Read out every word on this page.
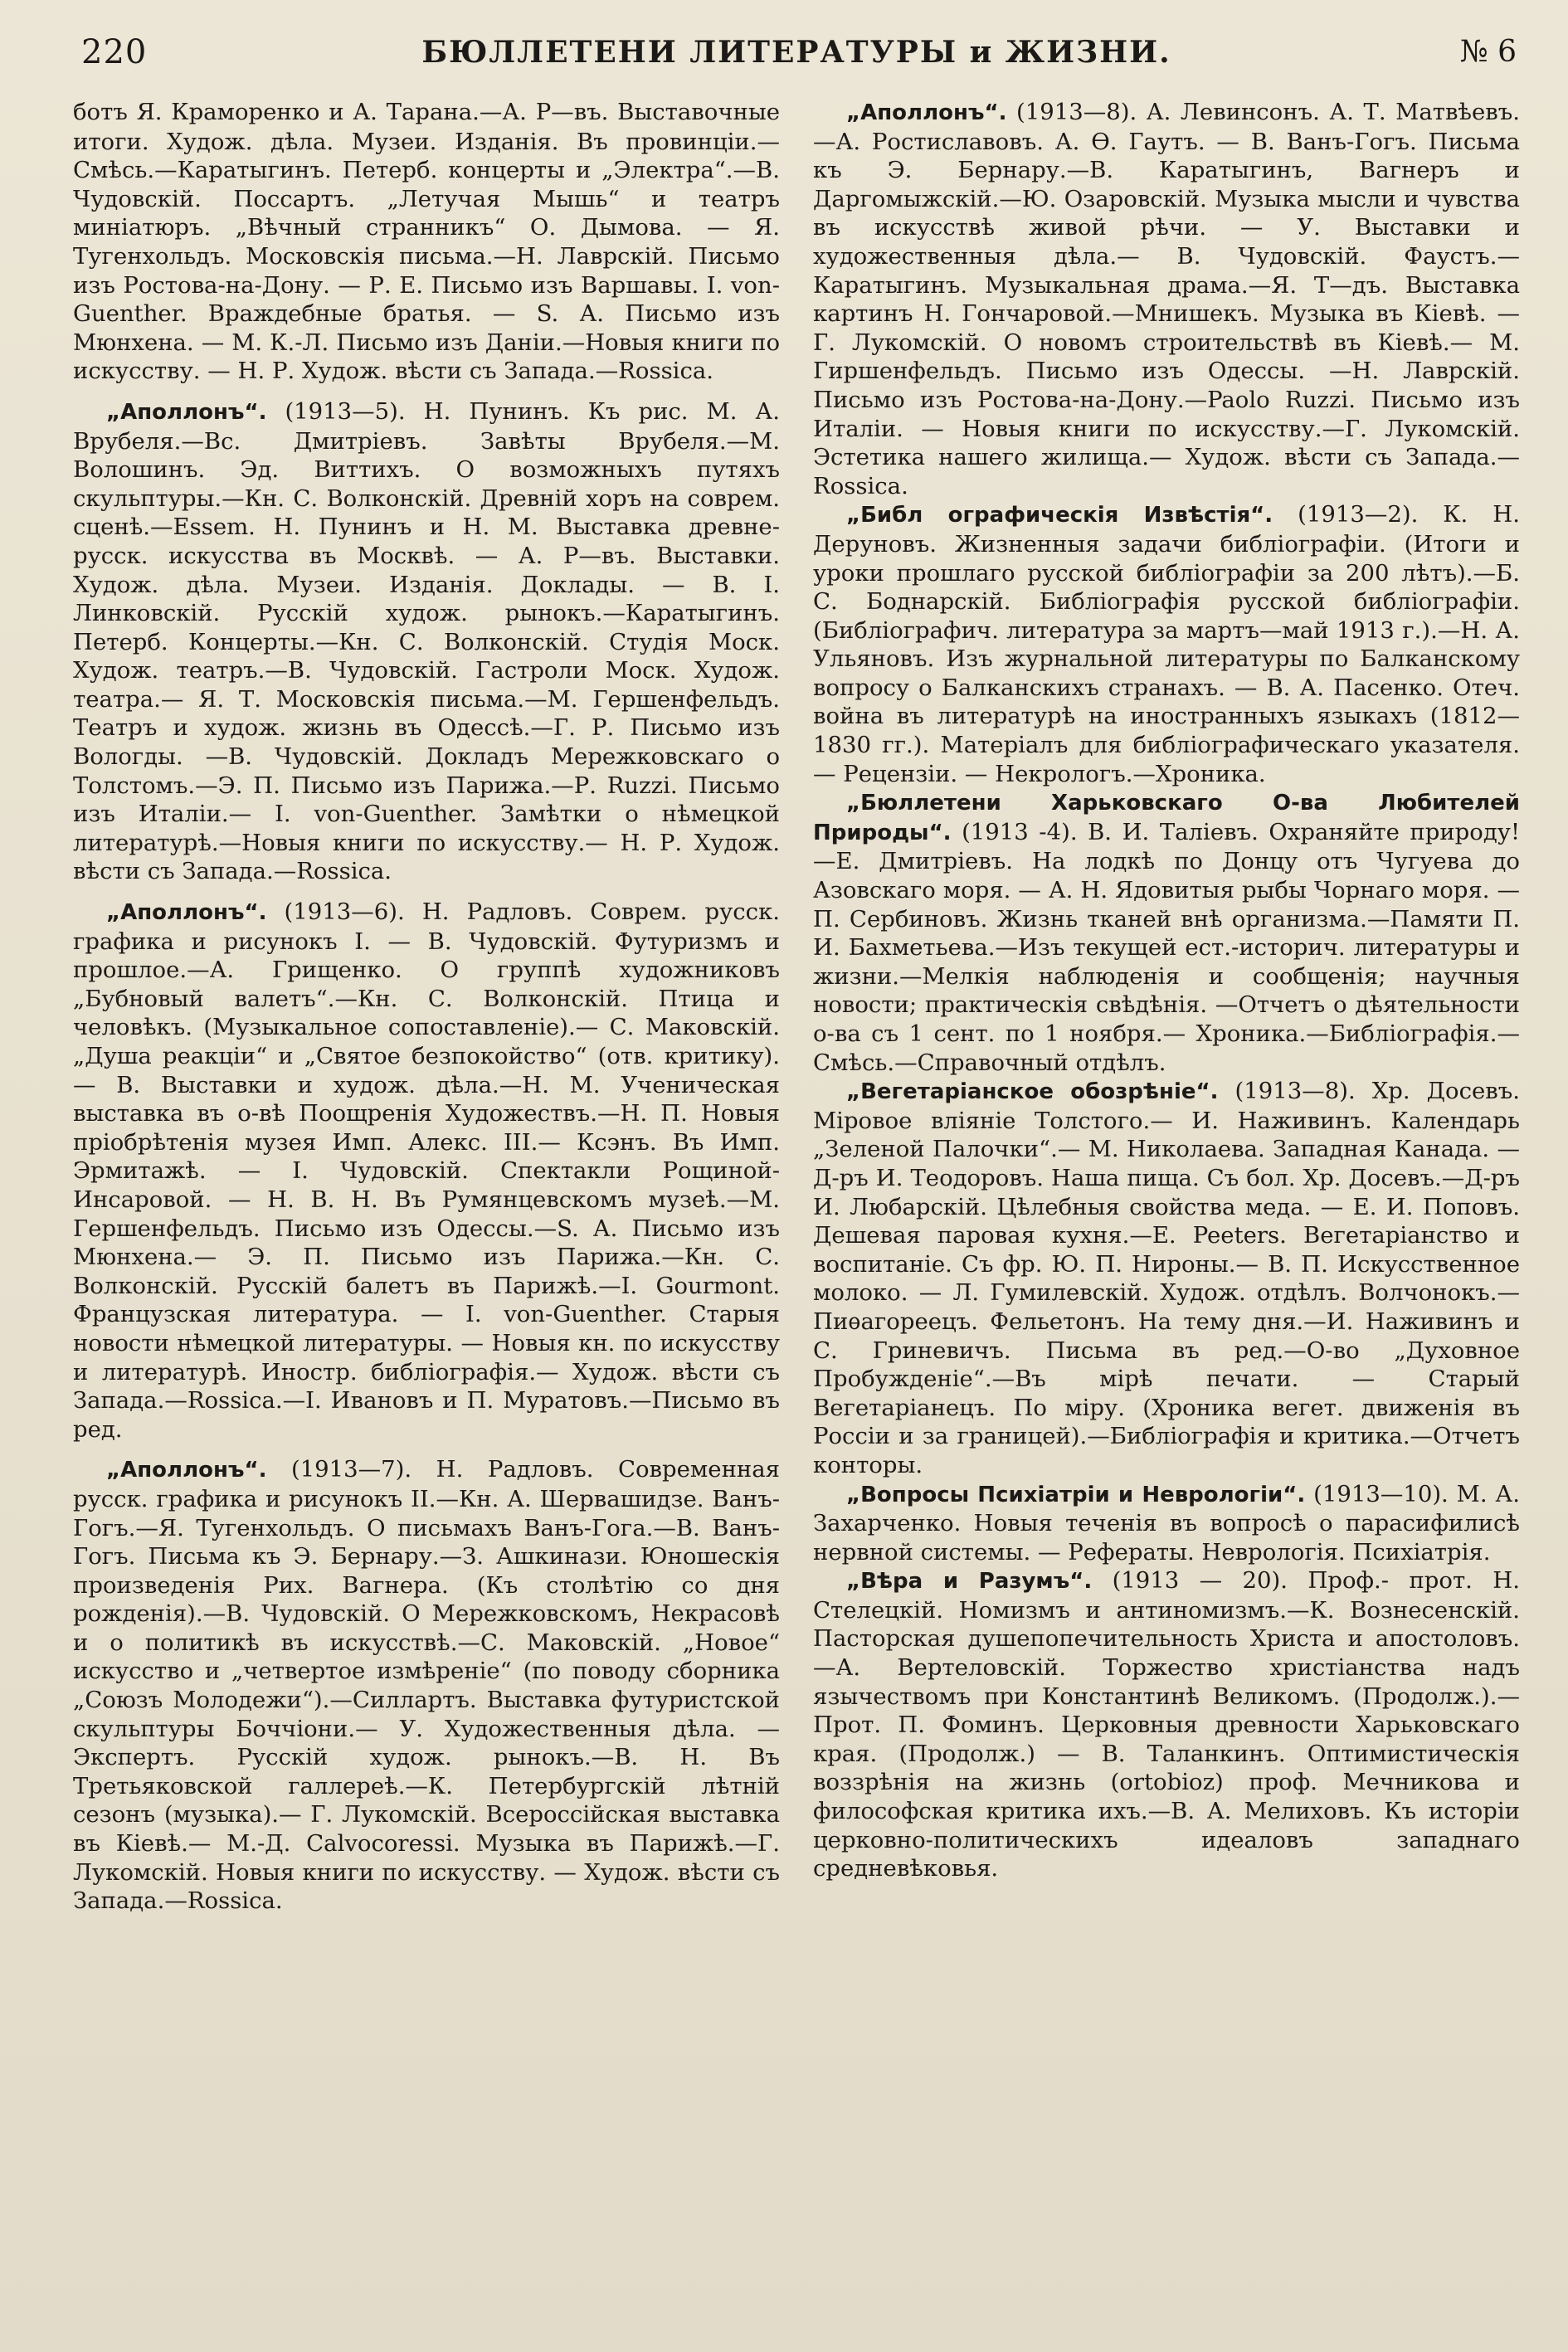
220	БЮЛЛЕТЕНИ ЛИТЕРАТУРЫ и ЖИЗНИ.	№ 6

ботъ Я. Краморенко и А. Тарана.—А. Р—въ. Выставочные итоги. Худож. дѣла. Музеи. Изданія. Въ провинціи.—Смѣсь.—Каратыгинъ. Петерб. концерты и „Электра“.—В. Чудовскій. Поссартъ. „Летучая Мышь“ и театръ миніатюръ. „Вѣчный странникъ“ О. Дымова. — Я. Тугенхольдъ. Московскія письма.—Н. Лаврскій. Письмо изъ Ростова-на-Дону. — Р. Е. Письмо изъ Варшавы. I. von-Guenther. Враждебные братья. — S. А. Письмо изъ Мюнхена. — М. К.-Л. Письмо изъ Даніи.—Новыя книги по искусству. — Н. Р. Худож. вѣсти съ Запада.—Rossica.

„Аполлонъ“. (1913—5). Н. Пунинъ. Къ рис. М. А. Врубеля.—Вс. Дмитріевъ. Завѣты Врубеля.—М. Волошинъ. Эд. Виттихъ. О возможныхъ путяхъ скульптуры.—Кн. С. Волконскій. Древній хоръ на соврем. сценѣ.—Essem. Н. Пунинъ и Н. М. Выставка древне-русск. искусства въ Москвѣ. — А. Р—въ. Выставки. Худож. дѣла. Музеи. Изданія. Доклады. — В. I. Линковскій. Русскій худож. рынокъ.—Каратыгинъ. Петерб. Концерты.—Кн. С. Волконскій. Студія Моск. Худож. театръ.—В. Чудовскій. Гастроли Моск. Худож. театра.— Я. Т. Московскія письма.—М. Гершенфельдъ. Театръ и худож. жизнь въ Одессѣ.—Г. Р. Письмо изъ Вологды. —В. Чудовскій. Докладъ Мережковскаго о Толстомъ.—Э. П. Письмо изъ Парижа.—Р. Ruzzi. Письмо изъ Италіи.— I. von-Guenther. Замѣтки о нѣмецкой литературѣ.—Новыя книги по искусству.— Н. Р. Худож. вѣсти съ Запада.—Rossica.

„Аполлонъ“. (1913—6). Н. Радловъ. Соврем. русск. графика и рисунокъ I. — В. Чудовскій. Футуризмъ и прошлое.—А. Грищенко. О группѣ художниковъ „Бубновый валетъ“.—Кн. С. Волконскій. Птица и человѣкъ. (Музыкальное сопоставленіе).— С. Маковскій. „Душа реакціи“ и „Святое безпокойство“ (отв. критику). — В. Выставки и худож. дѣла.—Н. М. Ученическая выставка въ о-вѣ Поощренія Художествъ.—Н. П. Новыя пріобрѣтенія музея Имп. Алекс. III.— Ксэнъ. Въ Имп. Эрмитажѣ. — I. Чудовскій. Спектакли Рощиной-Инсаровой. — Н. В. Н. Въ Румянцевскомъ музеѣ.—М. Гершенфельдъ. Письмо изъ Одессы.—S. А. Письмо изъ Мюнхена.— Э. П. Письмо изъ Парижа.—Кн. С. Волконскій. Русскій балетъ въ Парижѣ.—I. Gourmont. Французская литература. — I. von-Guenther. Старыя новости нѣмецкой литературы. — Новыя кн. по искусству и литературѣ. Иностр. библіографія.— Худож. вѣсти съ Запада.—Rossica.—I. Ивановъ и П. Муратовъ.—Письмо въ ред.

„Аполлонъ“. (1913—7). Н. Радловъ. Современная русск. графика и рисунокъ II.—Кн. А. Шервашидзе. Ванъ-Гогъ.—Я. Тугенхольдъ. О письмахъ Ванъ-Гога.—В. Ванъ-Гогъ. Письма къ Э. Бернару.—З. Ашкинази. Юношескія произведенія Рих. Вагнера. (Къ столѣтію со дня рожденія).—В. Чудовскій. О Мережковскомъ, Некрасовѣ и о политикѣ въ искусствѣ.—С. Маковскій. „Новое“ искусство и „четвертое измѣреніе“ (по поводу сборника „Союзъ Молодежи“).—Силлартъ. Выставка футуристской скульптуры Боччіони.— У. Художественныя дѣла. — Экспертъ. Русскій худож. рынокъ.—В. Н. Въ Третьяковской галлереѣ.—К. Петербургскій лѣтній сезонъ (музыка).— Г. Лукомскій. Всероссійская выставка въ Кіевѣ.— М.-Д. Calvocoressi. Музыка въ Парижѣ.—Г. Лукомскій. Новыя книги по искусству. — Худож. вѣсти съ Запада.—Rossica.

„Аполлонъ“. (1913—8). А. Левинсонъ. А. Т. Матвѣевъ.—А. Ростиславовъ. А. Ѳ. Гаутъ. — В. Ванъ-Гогъ. Письма къ Э. Бернару.—В. Каратыгинъ, Вагнеръ и Даргомыжскій.—Ю. Озаровскій. Музыка мысли и чувства въ искусствѣ живой рѣчи. — У. Выставки и художественныя дѣла.— В. Чудовскій. Фаустъ.—Каратыгинъ. Музыкальная драма.—Я. Т—дъ. Выставка картинъ Н. Гончаровой.—Мнишекъ. Музыка въ Кіевѣ. — Г. Лукомскій. О новомъ строительствѣ въ Кіевѣ.— М. Гиршенфельдъ. Письмо изъ Одессы. —Н. Лаврскій. Письмо изъ Ростова-на-Дону.—Paolo Ruzzi. Письмо изъ Италіи. — Новыя книги по искусству.—Г. Лукомскій. Эстетика нашего жилища.— Худож. вѣсти съ Запада.—Rossica.

„Библ ографическія Извѣстія“. (1913—2). К. Н. Деруновъ. Жизненныя задачи библіографіи. (Итоги и уроки прошлаго русской библіографіи за 200 лѣтъ).—Б. С. Боднарскій. Библіографія русской библіографіи. (Библіографич. литература за мартъ—май 1913 г.).—Н. А. Ульяновъ. Изъ журнальной литературы по Балканскому вопросу о Балканскихъ странахъ. — В. А. Пасенко. Отеч. война въ литературѣ на иностранныхъ языкахъ (1812—1830 гг.). Матеріалъ для библіографическаго указателя. — Рецензіи. — Некрологъ.—Хроника.

„Бюллетени Харьковскаго О-ва Любителей Природы“. (1913 -4). В. И. Таліевъ. Охраняйте природу!—Е. Дмитріевъ. На лодкѣ по Донцу отъ Чугуева до Азовскаго моря. — А. Н. Ядовитыя рыбы Чорнаго моря. — П. Сербиновъ. Жизнь тканей внѣ организма.—Памяти П. И. Бахметьева.—Изъ текущей ест.-историч. литературы и жизни.—Мелкія наблюденія и сообщенія; научныя новости; практическія свѣдѣнія. —Отчетъ о дѣятельности о-ва съ 1 сент. по 1 ноября.— Хроника.—Библіографія.—Смѣсь.—Справочный отдѣлъ.

„Вегетаріанское обозрѣніе“. (1913—8). Хр. Досевъ. Міровое вліяніе Толстого.— И. Наживинъ. Календарь „Зеленой Палочки“.— М. Николаева. Западная Канада. — Д-ръ И. Теодоровъ. Наша пища. Съ бол. Хр. Досевъ.—Д-ръ И. Любарскій. Цѣлебныя свойства меда. — Е. И. Поповъ. Дешевая паровая кухня.—E. Peeters. Вегетаріанство и воспитаніе. Съ фр. Ю. П. Нироны.— В. П. Искусственное молоко. — Л. Гумилевскій. Худож. отдѣлъ. Волчонокъ.—Пиѳагореецъ. Фельетонъ. На тему дня.—И. Наживинъ и С. Гриневичъ. Письма въ ред.—О-во „Духовное Пробужденіе“.—Въ мірѣ печати. — Старый Вегетаріанецъ. По міру. (Хроника вегет. движенія въ Россіи и за границей).—Библіографія и критика.—Отчетъ конторы.

„Вопросы Психіатріи и Неврологіи“. (1913—10). М. А. Захарченко. Новыя теченія въ вопросѣ о парасифилисѣ нервной системы. — Рефераты. Неврологія. Психіатрія.

„Вѣра и Разумъ“. (1913 — 20). Проф.- прот. Н. Стелецкій. Номизмъ и антиномизмъ.—К. Вознесенскій. Пасторская душепопечительность Христа и апостоловъ.—А. Вертеловскій. Торжество христіанства надъ язычествомъ при Константинѣ Великомъ. (Продолж.).—Прот. П. Фоминъ. Церковныя древности Харьковскаго края. (Продолж.) — В. Таланкинъ. Оптимистическія воззрѣнія на жизнь (ortobioz) проф. Мечникова и философская критика ихъ.—В. А. Мелиховъ. Къ исторіи церковно-политическихъ идеаловъ западнаго средневѣковья.
